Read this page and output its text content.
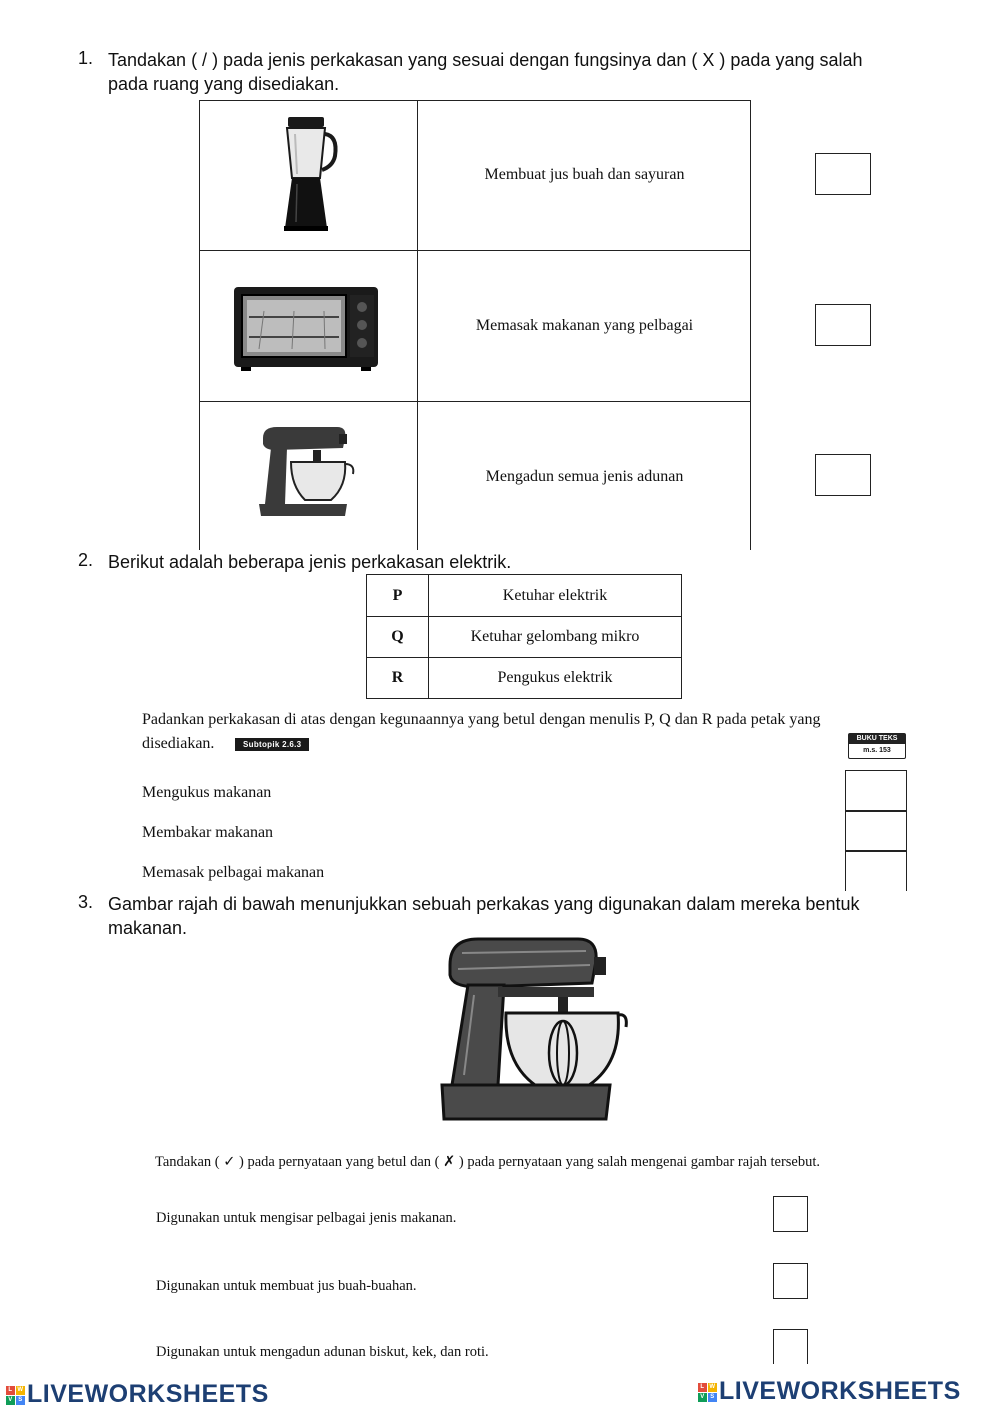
1. Tandakan ( / ) pada jenis perkakasan yang sesuai dengan fungsinya dan ( X ) pada yang salah
pada ruang yang disediakan.
Membuat jus buah dan sayuran
Memasak makanan yang pelbagai
Mengadun semua jenis adunan
2. Berikut adalah beberapa jenis perkakasan elektrik.
P	Ketuhar elektrik
Q	Ketuhar gelombang mikro
R	Pengukus elektrik
Padankan perkakasan di atas dengan kegunaannya yang betul dengan menulis P, Q dan R pada petak yang
disediakan.	Subtopik 2.6.3
BUKU TEKS
m.s. 153
Mengukus makanan
Membakar makanan
Memasak pelbagai makanan
3. Gambar rajah di bawah menunjukkan sebuah perkakas yang digunakan dalam mereka bentuk
makanan.
Tandakan ( ✓ ) pada pernyataan yang betul dan ( ✗ ) pada pernyataan yang salah mengenai gambar rajah tersebut.
Digunakan untuk mengisar pelbagai jenis makanan.
Digunakan untuk membuat jus buah-buahan.
Digunakan untuk mengadun adunan biskut, kek, dan roti.
L W
V S LIVEWORKSHEETS	L W
V S LIVEWORKSHEETS
